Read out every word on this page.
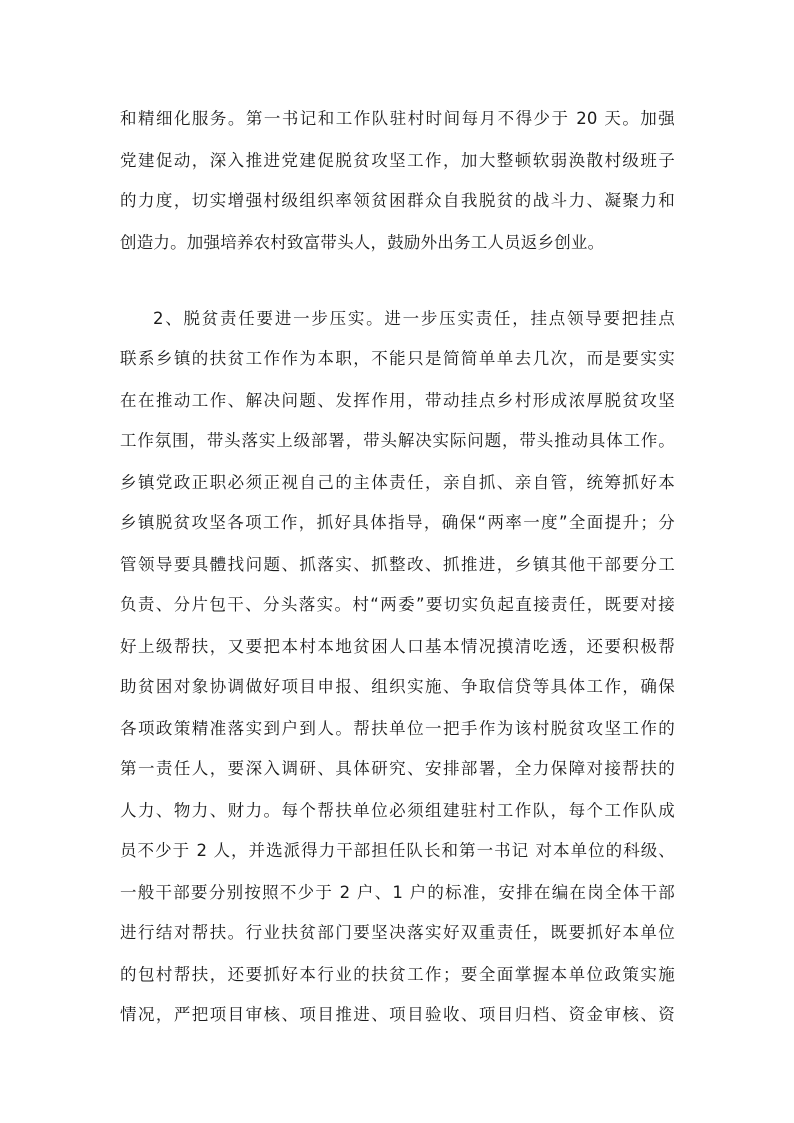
和精细化服务。第一书记和工作队驻村时间每月不得少于 20 天。加强
党建促动，深入推进党建促脱贫攻坚工作，加大整顿软弱涣散村级班子
的力度，切实增强村级组织率领贫困群众自我脱贫的战斗力、凝聚力和
创造力。加强培养农村致富带头人，鼓励外出务工人员返乡创业。
2、脱贫责任要进一步压实。进一步压实责任，挂点领导要把挂点
联系乡镇的扶贫工作作为本职，不能只是简简单单去几次，而是要实实
在在推动工作、解决问题、发挥作用，带动挂点乡村形成浓厚脱贫攻坚
工作氛围，带头落实上级部署，带头解决实际问题，带头推动具体工作。
乡镇党政正职必须正视自己的主体责任，亲自抓、亲自管，统筹抓好本
乡镇脱贫攻坚各项工作，抓好具体指导，确保“两率一度”全面提升；分
管领导要具體找问题、抓落实、抓整改、抓推进，乡镇其他干部要分工
负责、分片包干、分头落实。村“两委”要切实负起直接责任，既要对接
好上级帮扶，又要把本村本地贫困人口基本情况摸清吃透，还要积极帮
助贫困对象协调做好项目申报、组织实施、争取信贷等具体工作，确保
各项政策精准落实到户到人。帮扶单位一把手作为该村脱贫攻坚工作的
第一责任人，要深入调研、具体研究、安排部署，全力保障对接帮扶的
人力、物力、财力。每个帮扶单位必须组建驻村工作队，每个工作队成
员不少于 2 人，并选派得力干部担任队长和第一书记 对本单位的科级、
一般干部要分别按照不少于 2 户、1 户的标准，安排在编在岗全体干部
进行结对帮扶。行业扶贫部门要坚决落实好双重责任，既要抓好本单位
的包村帮扶，还要抓好本行业的扶贫工作；要全面掌握本单位政策实施
情况，严把项目审核、项目推进、项目验收、项目归档、资金审核、资
